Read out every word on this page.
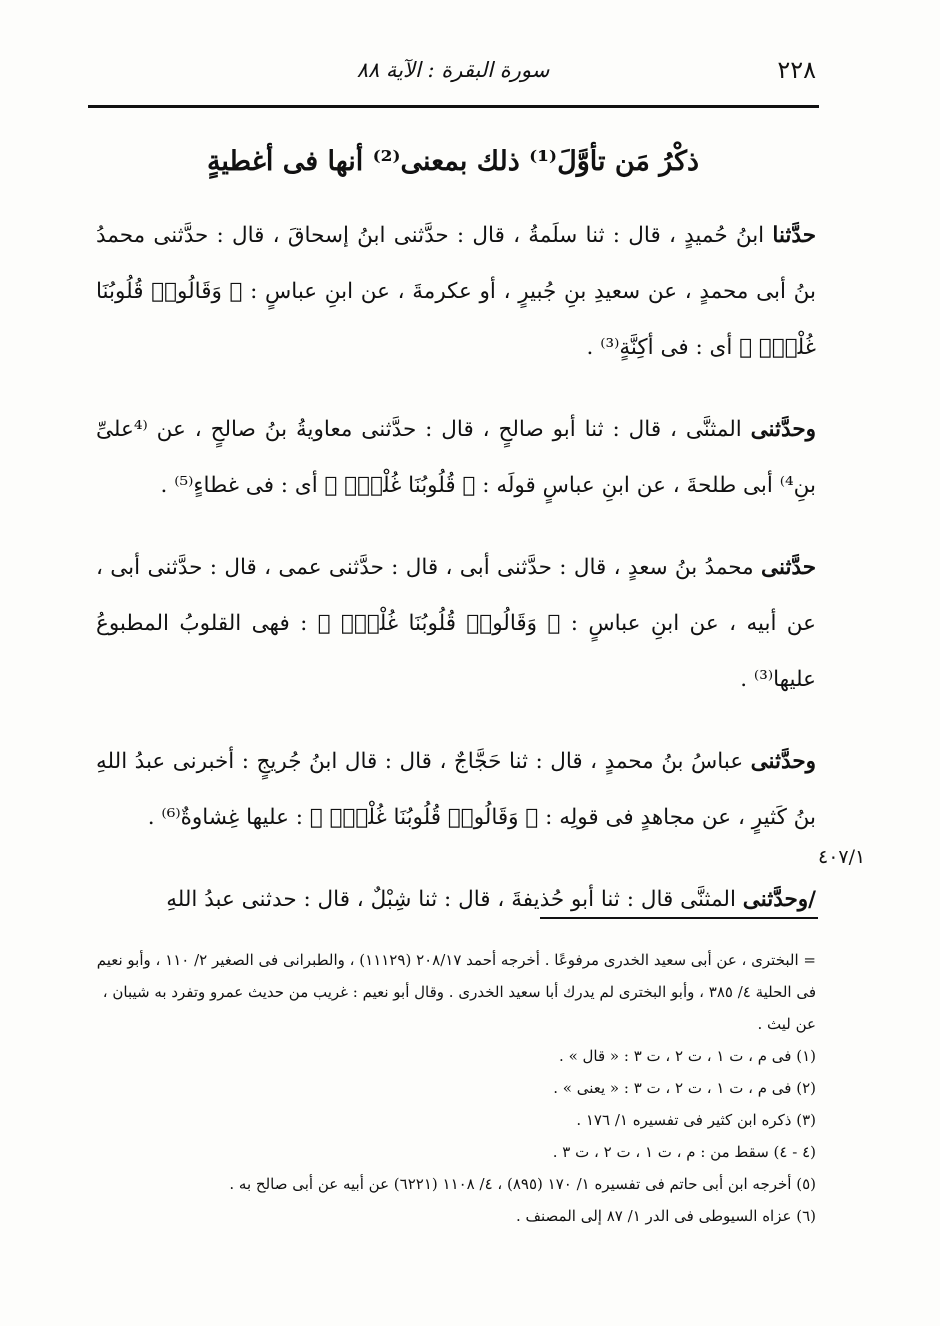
٢٢٨
سورة البقرة : الآية ٨٨
ذكْرُ مَن تأوَّلَ⁽¹⁾ ذلك بمعنى⁽²⁾ أنها فى أغطيةٍ

حدَّثنا ابنُ حُميدٍ ، قال : ثنا سلَمةُ ، قال : حدَّثنى ابنُ إسحاقَ ، قال : حدَّثنى محمدُ بنُ أبى محمدٍ ، عن سعيدِ بنِ جُبيرٍ ، أو عكرمةَ ، عن ابنِ عباسٍ : ﴿ وَقَالُوا۟ قُلُوبُنَا غُلْفٌۢ ﴾ أى : فى أكِنَّةٍ⁽³⁾ .

وحدَّثنى المثنَّى ، قال : ثنا أبو صالحٍ ، قال : حدَّثنى معاويةُ بنُ صالحٍ ، عن ⁽⁴علىِّ بنِ⁴⁾ أبى طلحةَ ، عن ابنِ عباسٍ قولَه : ﴿ قُلُوبُنَا غُلْفٌۢ ﴾ أى : فى غطاءٍ⁽⁵⁾ .

حدَّثنى محمدُ بنُ سعدٍ ، قال : حدَّثنى أبى ، قال : حدَّثنى عمى ، قال : حدَّثنى أبى ، عن أبيه ، عن ابنِ عباسٍ : ﴿ وَقَالُوا۟ قُلُوبُنَا غُلْفٌۢ ﴾ : فهى القلوبُ المطبوعُ عليها⁽³⁾ .

وحدَّثنى عباسُ بنُ محمدٍ ، قال : ثنا حَجَّاجٌ ، قال : قال ابنُ جُريجٍ : أخبرنى عبدُ اللهِ بنُ كَثيرٍ ، عن مجاهدٍ فى قولِه : ﴿ وَقَالُوا۟ قُلُوبُنَا غُلْفٌۢ ﴾ : عليها غِشاوةٌ⁽⁶⁾ .

/وحدَّثنى المثنَّى قال : ثنا أبو حُذيفةَ ، قال : ثنا شِبْلٌ ، قال : حدثنى عبدُ اللهِ

٤٠٧/١
= البخترى ، عن أبى سعيد الخدرى مرفوعًا . أخرجه أحمد ٢٠٨/١٧ (١١١٢٩) ، والطبرانى فى الصغير ٢/ ١١٠ ، وأبو نعيم فى الحلية ٤/ ٣٨٥ ، وأبو البخترى لم يدرك أبا سعيد الخدرى . وقال أبو نعيم : غريب من حديث عمرو وتفرد به شيبان ، عن ليث .
(١) فى م ، ت ١ ، ت ٢ ، ت ٣ : « قال » .
(٢) فى م ، ت ١ ، ت ٢ ، ت ٣ : « يعنى » .
(٣) ذكره ابن كثير فى تفسيره ١/ ١٧٦ .
(٤ - ٤) سقط من : م ، ت ١ ، ت ٢ ، ت ٣ .
(٥) أخرجه ابن أبى حاتم فى تفسيره ١/ ١٧٠ (٨٩٥) ، ٤/ ١١٠٨ (٦٢٢١) عن أبيه عن أبى صالح به .
(٦) عزاه السيوطى فى الدر ١/ ٨٧ إلى المصنف .
